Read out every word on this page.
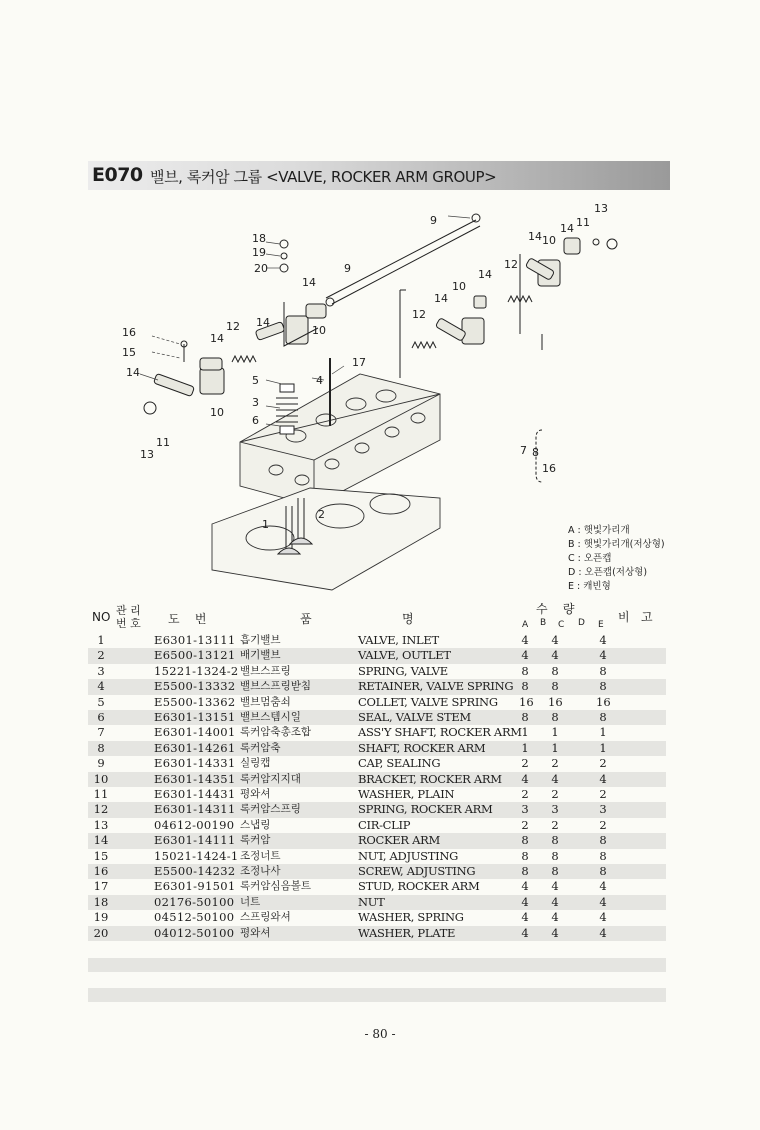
E070 밸브, 록커암 그룹 <VALVE, ROCKER ARM GROUP>
1
2
3
4
5
6
8
9
9
10
10
10
10
11
11
12
12
12
13
13
14
14
14
14
14
14
14
14
15
16
16
17
18
19
20
7
A : 햇빛가리개
B : 햇빛가리개(저상형)
C : 오픈캡
D : 오픈캡(저상형)
E : 캐빈형
NO 관 리
번 호 도    번	품	명
수    량
비   고
A B C D E
1	E6301-13111 흡기밸브	VALVE, INLET	4 4	4
2	E6500-13121 배기밸브	VALVE, OUTLET	4 4	4
3	15221-1324-2 밸브스프링	SPRING, VALVE	8 8	8
4	E5500-13332 밸브스프링받침	RETAINER, VALVE SPRING 8 8	8
5	E5500-13362 밸브멈춤쇠	COLLET, VALVE SPRING 16 16	16
6	E6301-13151 밸브스템시일	SEAL, VALVE STEM	8 8	8
7	E6301-14001 록커암축총조합	ASS'Y SHAFT, ROCKER ARM 1 1	1
8	E6301-14261 록커암축	SHAFT, ROCKER ARM	1 1	1
9	E6301-14331 실링캡	CAP, SEALING	2 2	2
10	E6301-14351 록커암지지대	BRACKET, ROCKER ARM 4 4	4
11	E6301-14431 평와셔	WASHER, PLAIN	2 2	2
12	E6301-14311 록커암스프링	SPRING, ROCKER ARM	3 3	3
13	04612-00190 스냅링	CIR-CLIP	2 2	2
14	E6301-14111 록커암	ROCKER ARM	8 8	8
15	15021-1424-1 조정너트	NUT, ADJUSTING	8 8	8
16	E5500-14232 조정나사	SCREW, ADJUSTING	8 8	8
17	E6301-91501 록커암심음볼트	STUD, ROCKER ARM	4 4	4
18	02176-50100 너트	NUT	4 4	4
19	04512-50100 스프링와셔	WASHER, SPRING	4 4	4
20	04012-50100 평와셔	WASHER, PLATE	4 4	4
- 80 -
